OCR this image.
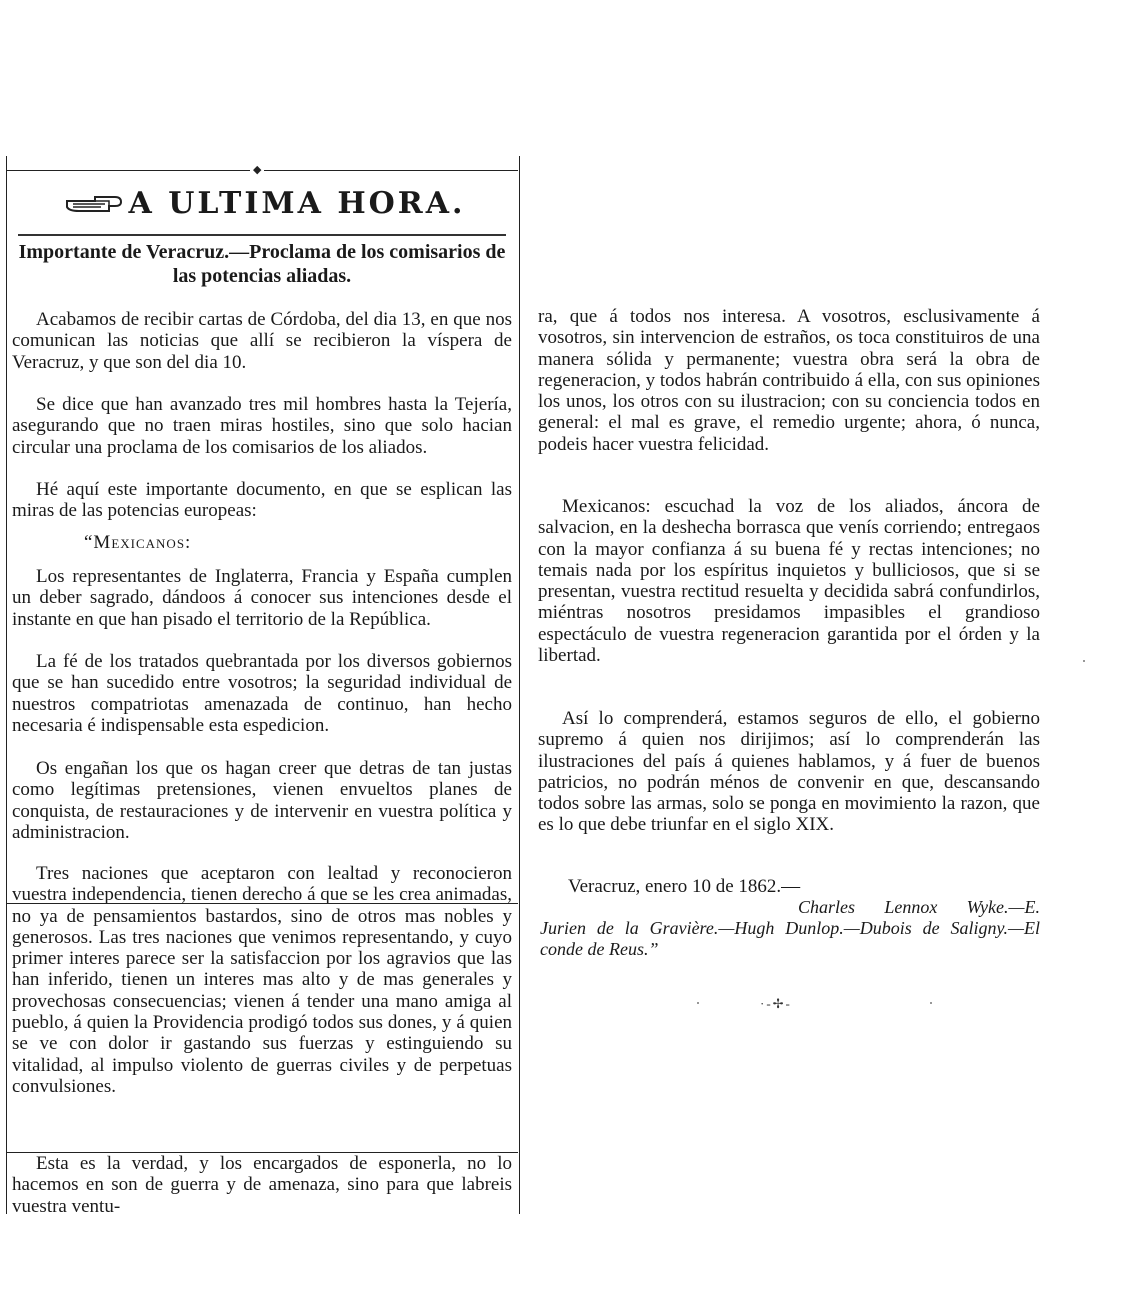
◆
A ULTIMA HORA.
Importante de Veracruz.—Proclama de los comisarios de las potencias aliadas.

Acabamos de recibir cartas de Córdoba, del dia 13, en que nos comunican las noticias que allí se recibieron la víspera de Veracruz, y que son del dia 10.

Se dice que han avanzado tres mil hombres hasta la Tejería, asegurando que no traen miras hostiles, sino que solo hacian circular una proclama de los comisarios de los aliados.

Hé aquí este importante documento, en que se esplican las miras de las potencias europeas:

“Mexicanos:

Los representantes de Inglaterra, Francia y España cumplen un deber sagrado, dándoos á conocer sus intenciones desde el instante en que han pisado el territorio de la República.

La fé de los tratados quebrantada por los diversos gobiernos que se han sucedido entre vosotros; la seguridad individual de nuestros compatriotas amenazada de continuo, han hecho necesaria é indispensable esta espedicion.

Os engañan los que os hagan creer que detras de tan justas como legítimas pretensiones, vienen envueltos planes de conquista, de restauraciones y de intervenir en vuestra política y administracion.

Tres naciones que aceptaron con lealtad y reconocieron vuestra independencia, tienen derecho á que se les crea animadas, no ya de pensamientos bastardos, sino de otros mas nobles y generosos. Las tres naciones que venimos representando, y cuyo primer interes parece ser la satisfaccion por los agravios que las han inferido, tienen un interes mas alto y de mas generales y provechosas consecuencias; vienen á tender una mano amiga al pueblo, á quien la Providencia prodigó todos sus dones, y á quien se ve con dolor ir gastando sus fuerzas y estinguiendo su vitalidad, al impulso violento de guerras civiles y de perpetuas convulsiones.

Esta es la verdad, y los encargados de esponerla, no lo hacemos en son de guerra y de amenaza, sino para que labreis vuestra ventu-

ra, que á todos nos interesa. A vosotros, esclusivamente á vosotros, sin intervencion de estraños, os toca constituiros de una manera sólida y permanente; vuestra obra será la obra de regeneracion, y todos habrán contribuido á ella, con sus opiniones los unos, los otros con su ilustracion; con su conciencia todos en general: el mal es grave, el remedio urgente; ahora, ó nunca, podeis hacer vuestra felicidad.

Mexicanos: escuchad la voz de los aliados, áncora de salvacion, en la deshecha borrasca que venís corriendo; entregaos con la mayor confianza á su buena fé y rectas intenciones; no temais nada por los espíritus inquietos y bulliciosos, que si se presentan, vuestra rectitud resuelta y decidida sabrá confundirlos, miéntras nosotros presidamos impasibles el grandioso espectáculo de vuestra regeneracion garantida por el órden y la libertad.

Así lo comprenderá, estamos seguros de ello, el gobierno supremo á quien nos dirijimos; así lo comprenderán las ilustraciones del país á quienes hablamos, y á fuer de buenos patricios, no podrán ménos de convenir en que, descansando todos sobre las armas, solo se ponga en movimiento la razon, que es lo que debe triunfar en el siglo XIX.

Veracruz, enero 10 de 1862.—

Charles Lennox Wyke.—E. Jurien de la Gravière.—Hugh Dunlop.—Dubois de Saligny.—El conde de Reus.”
·-✢-
